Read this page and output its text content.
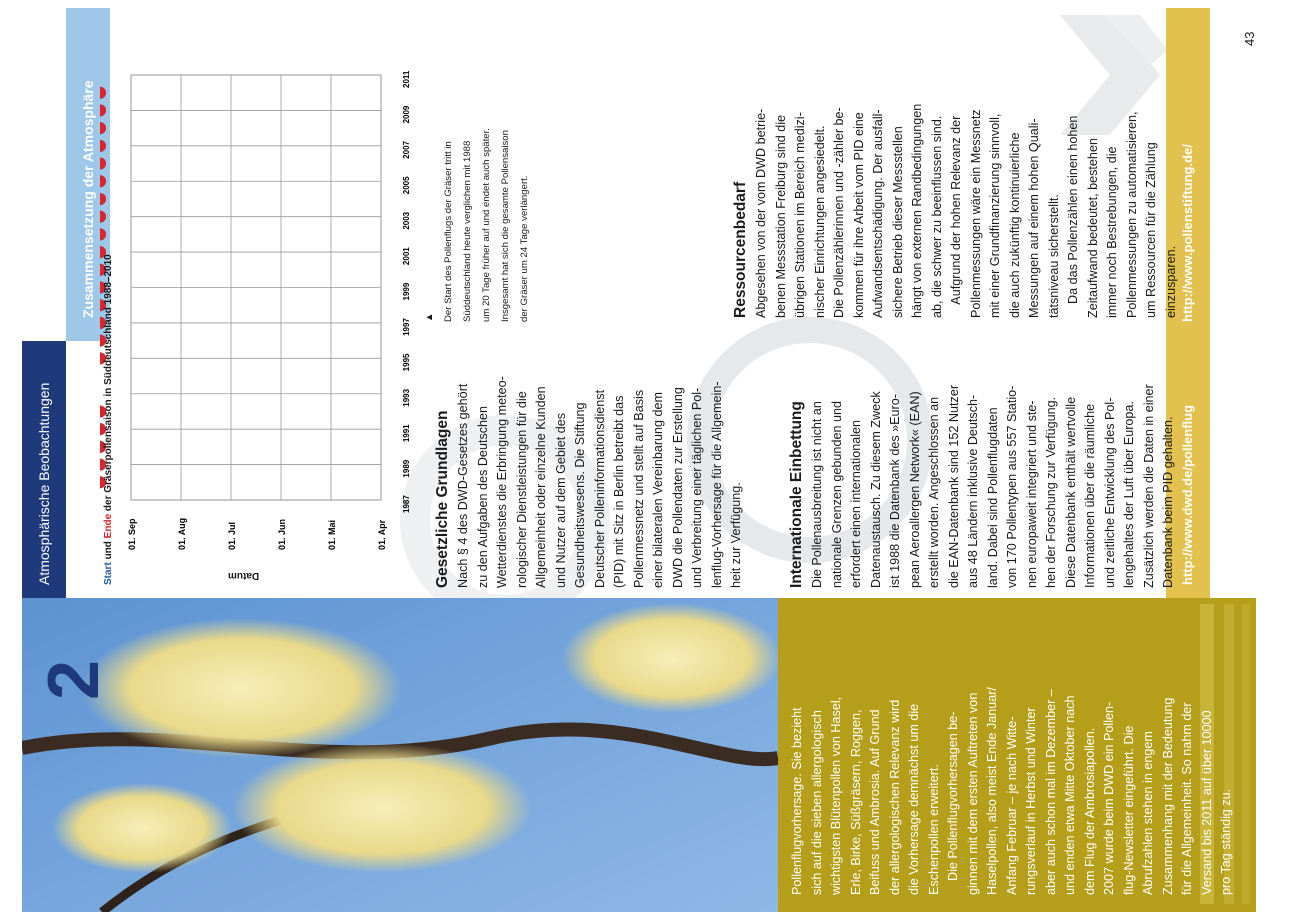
Atmosphärische Beobachtungen
Zusammensetzung der Atmosphäre
43
http://www.dwd.de/pollenflug
http://www.pollenstiftung.de/
2
01. Apr
01. Mai
01. Jun
01. Jul
01. Aug
01. Sep
1987
1989
1991
1993
1995
1997
1999
2001
2003
2005
2007
2009
2011
Start und Ende der Gräserpollensaison in Süddeutschland 1988–2010
Datum
▲ Der Start des Pollenflugs der Gräser tritt in Süddeutschland heute verglichen mit 1988 um 20 Tage früher auf und endet auch später. Insgesamt hat sich die gesamte Pollensaison der Gräser um 24 Tage verlängert.
Gesetzliche Grundlagen Nach § 4 des DWD-Gesetzes gehört zu den Aufgaben des Deutschen Wetterdienstes die Erbringung meteo- rologischer Dienstleistungen für die Allgemeinheit oder einzelne Kunden und Nutzer auf dem Gebiet des Gesundheitswesens. Die Stiftung Deutscher Polleninformationsdienst (PID) mit Sitz in Berlin betreibt das Pollenmessnetz und stellt auf Basis einer bilateralen Vereinbarung dem DWD die Pollendaten zur Erstellung und Verbreitung einer täglichen Pol- lenflug-Vorhersage für die Allgemein- heit zur Verfügung.	Internationale Einbettung Die Pollenausbreitung ist nicht an nationale Grenzen gebunden und erfordert einen internationalen Datenaustausch. Zu diesem Zweck ist 1988 die Datenbank des »Euro- pean Aeroallergen Network« (EAN) erstellt worden. Angeschlossen an die EAN-Datenbank sind 152 Nutzer aus 48 Ländern inklusive Deutsch- land. Dabei sind Pollenflugdaten von 170 Pollentypen aus 557 Statio- nen europaweit integriert und ste- hen der Forschung zur Verfügung. Diese Datenbank enthält wertvolle Informationen über die räumliche und zeitliche Entwicklung des Pol- lengehaltes der Luft über Europa. Zusätzlich werden die Daten in einer Datenbank beim PID gehalten.
Ressourcenbedarf Abgesehen von der vom DWD betrie- benen Messstation Freiburg sind die übrigen Stationen im Bereich medizi- nischer Einrichtungen angesiedelt. Die Pollenzählerinnen und -zähler be- kommen für ihre Arbeit vom PID eine Aufwandsentschädigung. Der ausfall- sichere Betrieb dieser Messstellen hängt von externen Randbedingungen ab, die schwer zu beeinflussen sind. Aufgrund der hohen Relevanz der Pollenmessungen wäre ein Messnetz mit einer Grundfinanzierung sinnvoll, die auch zukünftig kontinuierliche Messungen auf einem hohen Quali- tätsniveau sicherstellt. Da das Pollenzählen einen hohen Zeitaufwand bedeutet, bestehen immer noch Bestrebungen, die Pollenmessungen zu automatisieren, um Ressourcen für die Zählung einzusparen.
Pollenflugvorhersage. Sie bezieht sich auf die sieben allergologisch wichtigsten Blütenpollen von Hasel, Erle, Birke, Süßgräsern, Roggen, Beifuss und Ambrosia. Auf Grund der allergologischen Relevanz wird die Vorhersage demnächst um die Eschenpollen erweitert. Die Pollenflugvorhersagen be- ginnen mit dem ersten Auftreten von Haselpollen, also meist Ende Januar/ Anfang Februar – je nach Witte- rungsverlauf in Herbst und Winter aber auch schon mal im Dezember – und enden etwa Mitte Oktober nach dem Flug der Ambrosiapollen. 2007 wurde beim DWD ein Pollen- flug-Newsletter eingeführt. Die Abrufzahlen stehen in engem Zusammenhang mit der Bedeutung für die Allgemeinheit. So nahm der Versand bis 2011 auf über 10000 pro Tag ständig zu.
